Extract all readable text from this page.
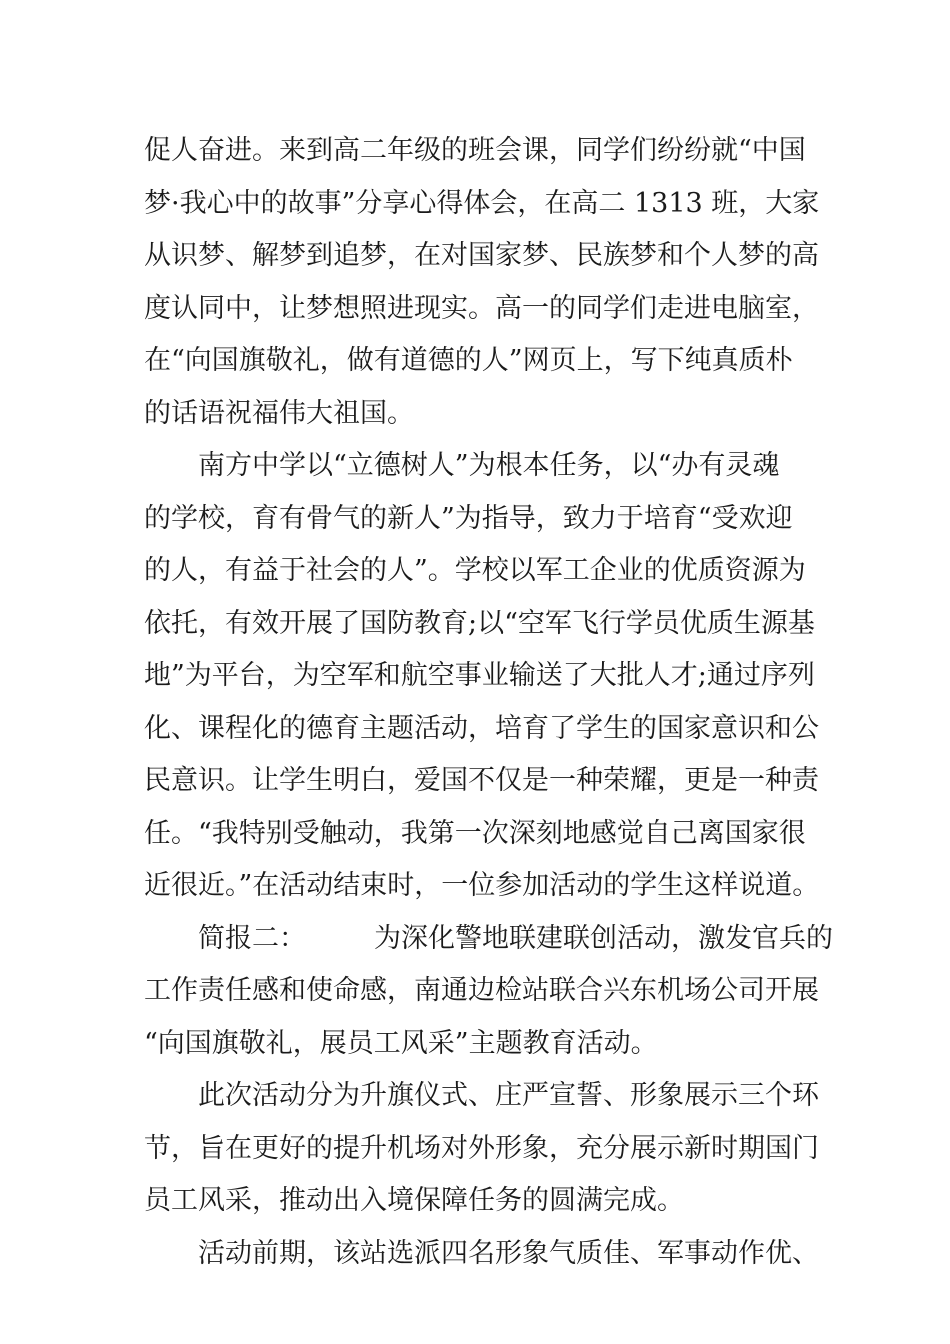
促人奋进。来到高二年级的班会课，同学们纷纷就“中国
梦·我心中的故事”分享心得体会，在高二 1313 班，大家
从识梦、解梦到追梦，在对国家梦、民族梦和个人梦的高
度认同中，让梦想照进现实。高一的同学们走进电脑室，
在“向国旗敬礼，做有道德的人”网页上，写下纯真质朴
的话语祝福伟大祖国。
南方中学以“立德树人”为根本任务，以“办有灵魂
的学校，育有骨气的新人”为指导，致力于培育“受欢迎
的人，有益于社会的人”。学校以军工企业的优质资源为
依托，有效开展了国防教育;以“空军飞行学员优质生源基
地”为平台，为空军和航空事业输送了大批人才;通过序列
化、课程化的德育主题活动，培育了学生的国家意识和公
民意识。让学生明白，爱国不仅是一种荣耀，更是一种责
任。“我特别受触动，我第一次深刻地感觉自己离国家很
近很近。”在活动结束时，一位参加活动的学生这样说道。
简报二：	为深化警地联建联创活动，激发官兵的
工作责任感和使命感，南通边检站联合兴东机场公司开展
“向国旗敬礼，展员工风采”主题教育活动。
此次活动分为升旗仪式、庄严宣誓、形象展示三个环
节，旨在更好的提升机场对外形象，充分展示新时期国门
员工风采，推动出入境保障任务的圆满完成。
活动前期，该站选派四名形象气质佳、军事动作优、
